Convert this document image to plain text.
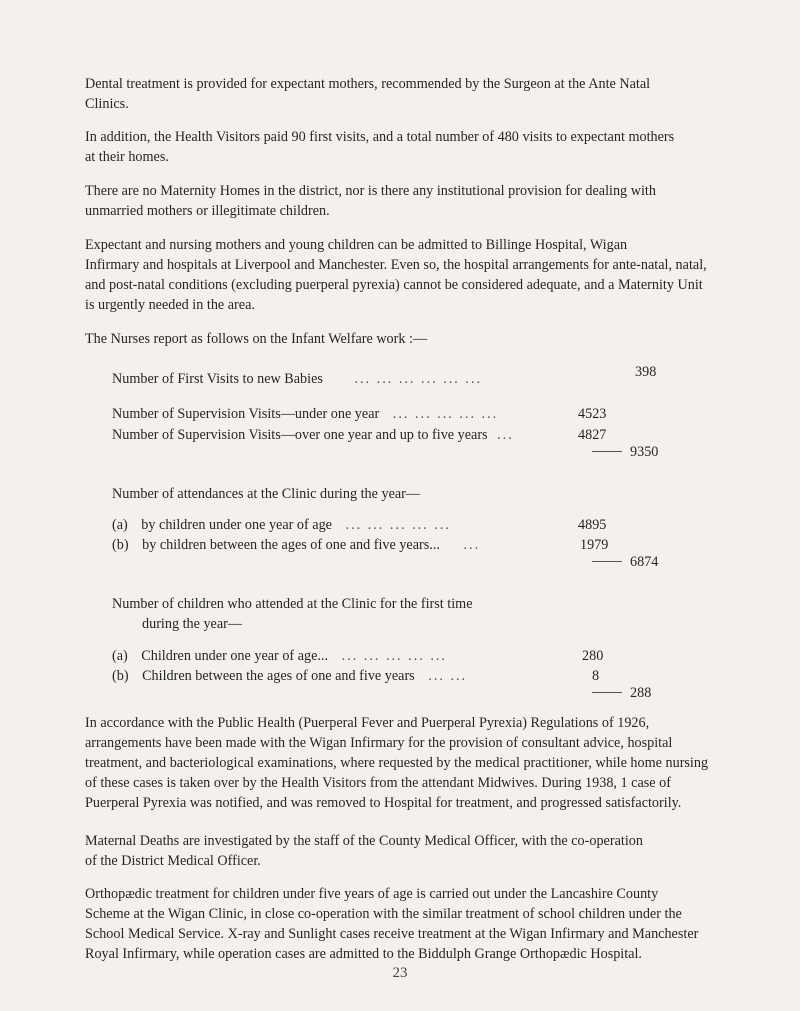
Dental treatment is provided for expectant mothers, recommended by the Surgeon at the Ante Natal
Clinics.
In addition, the Health Visitors paid 90 first visits, and a total number of 480 visits to expectant mothers
at their homes.
There are no Maternity Homes in the district, nor is there any institutional provision for dealing with
unmarried mothers or illegitimate children.
Expectant and nursing mothers and young children can be admitted to Billinge Hospital, Wigan
Infirmary and hospitals at Liverpool and Manchester. Even so, the hospital arrangements for ante-natal, natal,
and post-natal conditions (excluding puerperal pyrexia) cannot be considered adequate, and a Maternity Unit
is urgently needed in the area.
The Nurses report as follows on the Infant Welfare work :—
Number of First Visits to new Babies ... ... ... ... ... ...	398
Number of Supervision Visits—under one year ... ... ... ... ...	4523
Number of Supervision Visits—over one year and up to five years ...	4827
9350
Number of attendances at the Clinic during the year—
(a) by children under one year of age ... ... ... ... ...	4895
(b) by children between the ages of one and five years... ...	1979
6874
Number of children who attended at the Clinic for the first time
during the year—
(a) Children under one year of age... ... ... ... ... ...	280
(b) Children between the ages of one and five years ... ...	8
288
In accordance with the Public Health (Puerperal Fever and Puerperal Pyrexia) Regulations of 1926,
arrangements have been made with the Wigan Infirmary for the provision of consultant advice, hospital
treatment, and bacteriological examinations, where requested by the medical practitioner, while home nursing
of these cases is taken over by the Health Visitors from the attendant Midwives. During 1938, 1 case of
Puerperal Pyrexia was notified, and was removed to Hospital for treatment, and progressed satisfactorily.
Maternal Deaths are investigated by the staff of the County Medical Officer, with the co-operation
of the District Medical Officer.
Orthopædic treatment for children under five years of age is carried out under the Lancashire County
Scheme at the Wigan Clinic, in close co-operation with the similar treatment of school children under the
School Medical Service. X-ray and Sunlight cases receive treatment at the Wigan Infirmary and Manchester
Royal Infirmary, while operation cases are admitted to the Biddulph Grange Orthopædic Hospital.
23
